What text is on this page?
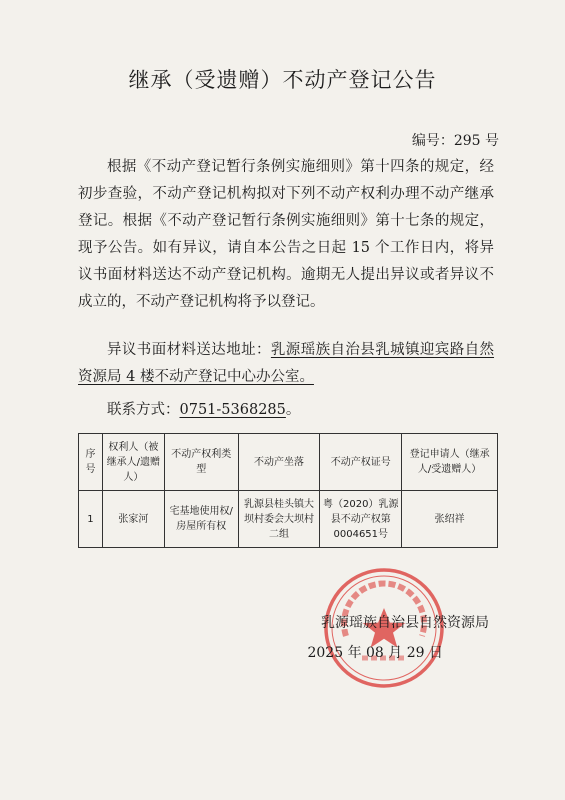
继承（受遗赠）不动产登记公告
编号：295 号

根据《不动产登记暂行条例实施细则》第十四条的规定，经初步查验，不动产登记机构拟对下列不动产权利办理不动产继承登记。根据《不动产登记暂行条例实施细则》第十七条的规定，现予公告。如有异议，请自本公告之日起 15 个工作日内，将异议书面材料送达不动产登记机构。逾期无人提出异议或者异议不成立的，不动产登记机构将予以登记。

异议书面材料送达地址：乳源瑶族自治县乳城镇迎宾路自然资源局 4 楼不动产登记中心办公室。

联系方式：0751-5368285。

序号	权利人（被继承人/遗赠人）	不动产权利类型	不动产坐落	不动产权证号	登记申请人（继承人/受遗赠人）
1	张家河	宅基地使用权/房屋所有权	乳源县桂头镇大坝村委会大坝村二组	粤（2020）乳源县不动产权第0004651号	张绍祥
乳源瑶族自治县自然资源局
2025 年 08 月 29 日
